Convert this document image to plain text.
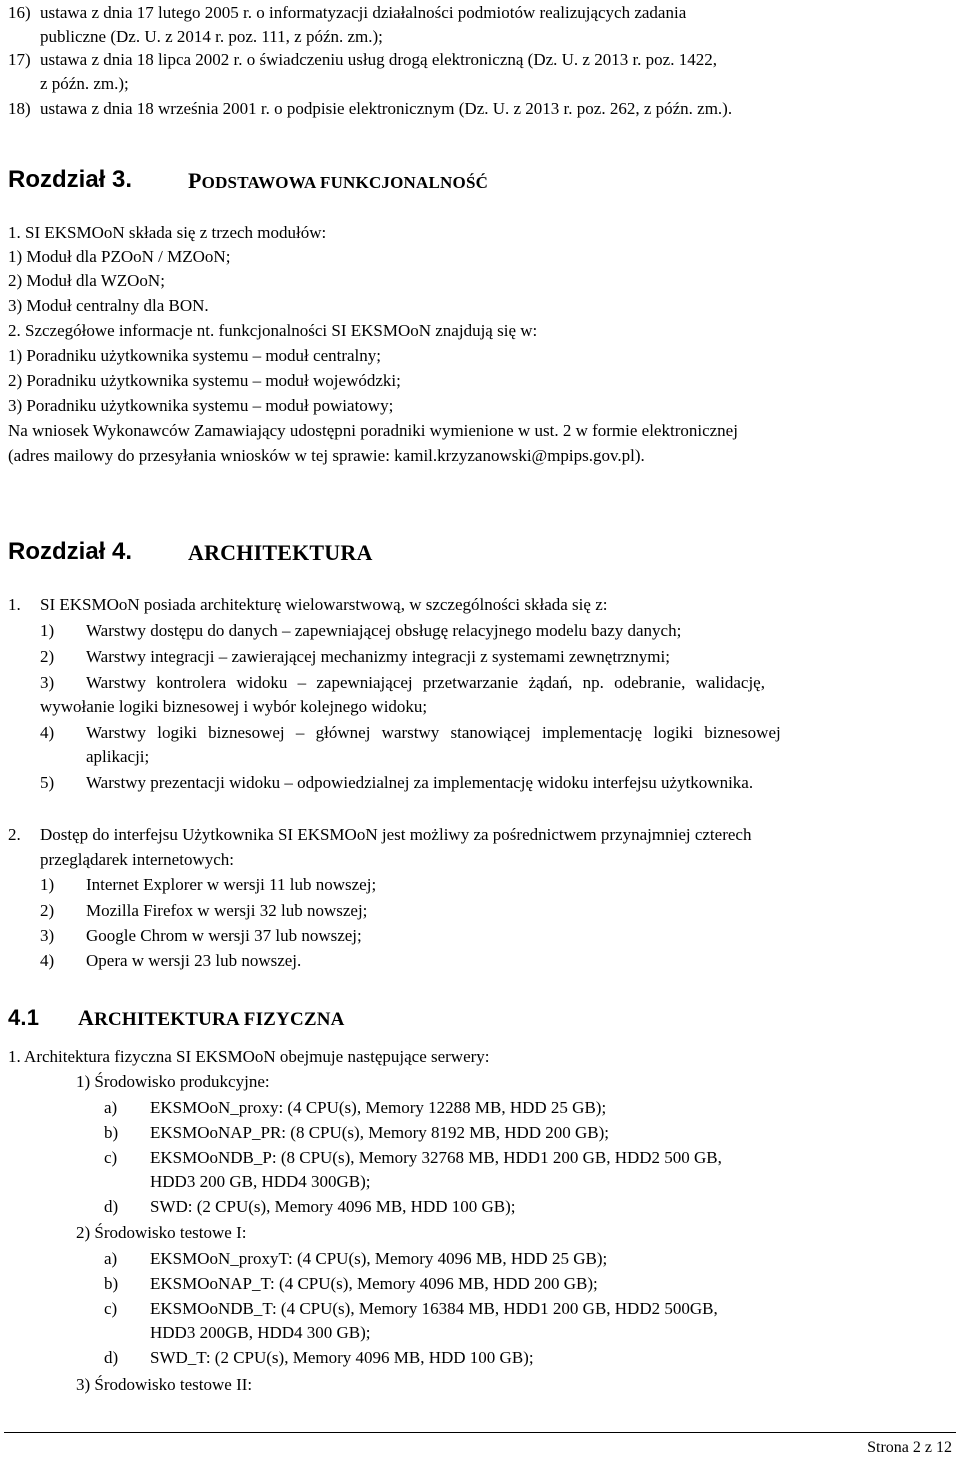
16) ustawa z dnia 17 lutego 2005 r. o informatyzacji działalności podmiotów realizujących zadania
publiczne (Dz. U. z 2014 r. poz. 111, z późn. zm.);
17) ustawa z dnia 18 lipca 2002 r. o świadczeniu usług drogą elektroniczną (Dz. U. z 2013 r. poz. 1422,
z późn. zm.);
18) ustawa z dnia 18 września 2001 r. o podpisie elektronicznym (Dz. U. z 2013 r. poz. 262, z późn. zm.).
Rozdział 3.	PODSTAWOWA FUNKCJONALNOŚĆ
1. SI EKSMOoN składa się z trzech modułów:
1) Moduł dla PZOoN / MZOoN;
2) Moduł dla WZOoN;
3) Moduł centralny dla BON.
2. Szczegółowe informacje nt. funkcjonalności SI EKSMOoN znajdują się w:
1) Poradniku użytkownika systemu – moduł centralny;
2) Poradniku użytkownika systemu – moduł wojewódzki;
3) Poradniku użytkownika systemu – moduł powiatowy;
Na wniosek Wykonawców Zamawiający udostępni poradniki wymienione w ust. 2 w formie elektronicznej
(adres mailowy do przesyłania wniosków w tej sprawie: kamil.krzyzanowski@mpips.gov.pl).
Rozdział 4.	ARCHITEKTURA
1. SI EKSMOoN posiada architekturę wielowarstwową, w szczególności składa się z:
1) Warstwy dostępu do danych – zapewniającej obsługę relacyjnego modelu bazy danych;
2) Warstwy integracji – zawierającej mechanizmy integracji z systemami zewnętrznymi;
3) Warstwy kontrolera widoku – zapewniającej przetwarzanie żądań, np. odebranie, walidację,
wywołanie logiki biznesowej i wybór kolejnego widoku;
4) Warstwy logiki biznesowej – głównej warstwy stanowiącej implementację logiki biznesowej
aplikacji;
5) Warstwy prezentacji widoku – odpowiedzialnej za implementację widoku interfejsu użytkownika.
2. Dostęp do interfejsu Użytkownika SI EKSMOoN jest możliwy za pośrednictwem przynajmniej czterech
przeglądarek internetowych:
1) Internet Explorer w wersji 11 lub nowszej;
2) Mozilla Firefox w wersji 32 lub nowszej;
3) Google Chrom w wersji 37 lub nowszej;
4) Opera w wersji 23 lub nowszej.
4.1 ARCHITEKTURA FIZYCZNA
1. Architektura fizyczna SI EKSMOoN obejmuje następujące serwery:
1) Środowisko produkcyjne:
a) EKSMOoN_proxy: (4 CPU(s), Memory 12288 MB, HDD 25 GB);
b) EKSMOoNAP_PR: (8 CPU(s), Memory 8192 MB, HDD 200 GB);
c) EKSMOoNDB_P: (8 CPU(s), Memory 32768 MB, HDD1 200 GB, HDD2 500 GB,
HDD3 200 GB, HDD4 300GB);
d) SWD: (2 CPU(s), Memory 4096 MB, HDD 100 GB);
2) Środowisko testowe I:
a) EKSMOoN_proxyT: (4 CPU(s), Memory 4096 MB, HDD 25 GB);
b) EKSMOoNAP_T: (4 CPU(s), Memory 4096 MB, HDD 200 GB);
c) EKSMOoNDB_T: (4 CPU(s), Memory 16384 MB, HDD1 200 GB, HDD2 500GB,
HDD3 200GB, HDD4 300 GB);
d) SWD_T: (2 CPU(s), Memory 4096 MB, HDD 100 GB);
3) Środowisko testowe II:
Strona 2 z 12
